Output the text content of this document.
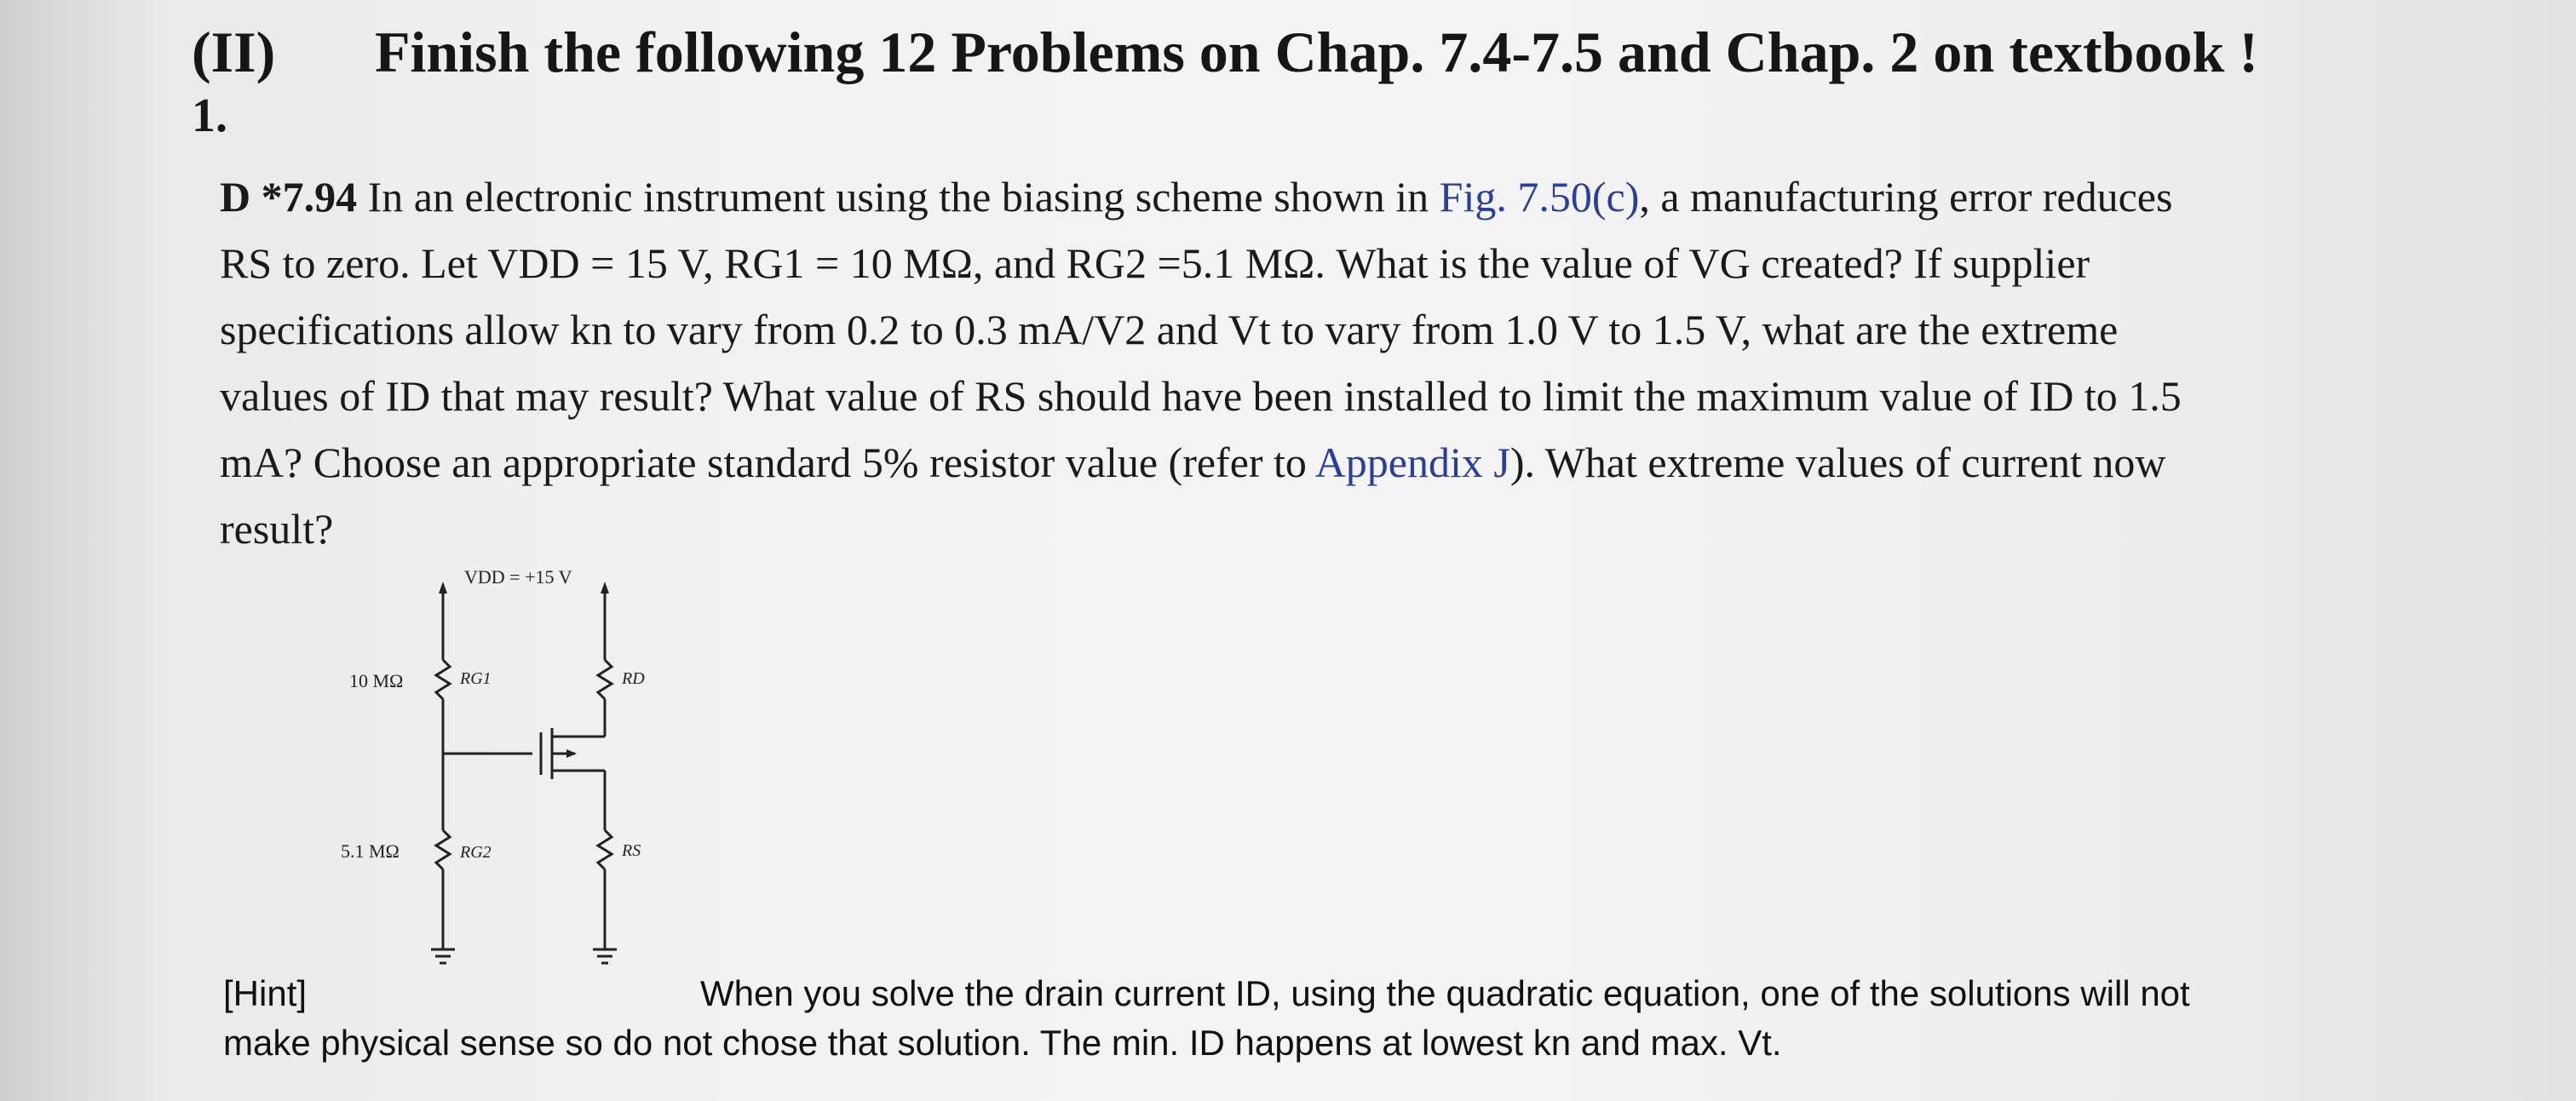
(II) Finish the following 12 Problems on Chap. 7.4-7.5 and Chap. 2 on textbook !
1.
D *7.94 In an electronic instrument using the biasing scheme shown in Fig. 7.50(c), a manufacturing error reduces
RS to zero. Let VDD = 15 V, RG1 = 10 MΩ, and RG2 =5.1 MΩ. What is the value of VG created? If supplier
specifications allow kn to vary from 0.2 to 0.3 mA/V2 and Vt to vary from 1.0 V to 1.5 V, what are the extreme
values of ID that may result? What value of RS should have been installed to limit the maximum value of ID to 1.5
mA? Choose an appropriate standard 5% resistor value (refer to Appendix J). What extreme values of current now
result?
VDD = +15 V
10 MΩ	RG1	RD
5.1 MΩ	RG2	RS
[Hint]	When you solve the drain current ID, using the quadratic equation, one of the solutions will not
make physical sense so do not chose that solution. The min. ID happens at lowest kn and max. Vt.
